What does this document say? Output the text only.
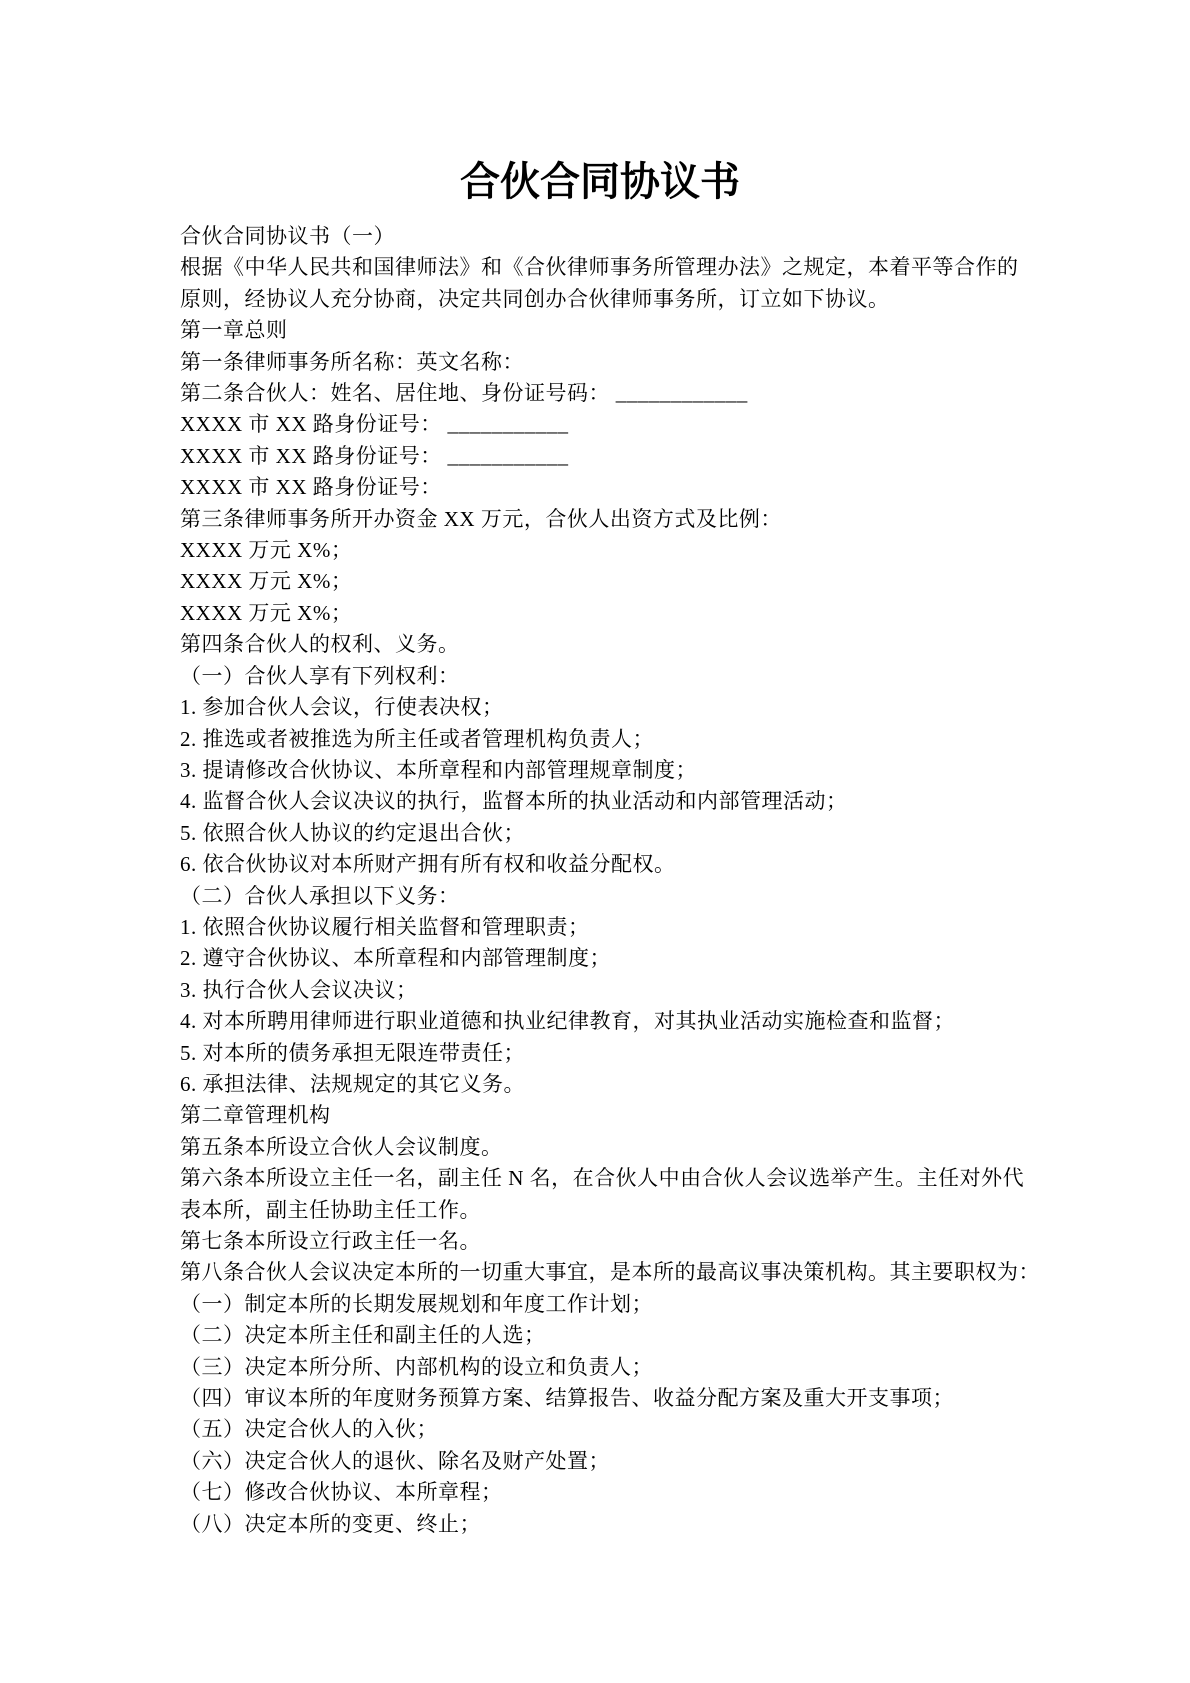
合伙合同协议书

合伙合同协议书（一）

根据《中华人民共和国律师法》和《合伙律师事务所管理办法》之规定，本着平等合作的

原则，经协议人充分协商，决定共同创办合伙律师事务所，订立如下协议。

第一章总则

第一条律师事务所名称：英文名称：

第二条合伙人：姓名、居住地、身份证号码： ____________

XXXX 市 XX 路身份证号： ___________

XXXX 市 XX 路身份证号： ___________

XXXX 市 XX 路身份证号：

第三条律师事务所开办资金 XX 万元，合伙人出资方式及比例：

XXXX 万元 X%；

XXXX 万元 X%；

XXXX 万元 X%；

第四条合伙人的权利、义务。

（一）合伙人享有下列权利：

1. 参加合伙人会议，行使表决权；

2. 推选或者被推选为所主任或者管理机构负责人；

3. 提请修改合伙协议、本所章程和内部管理规章制度；

4. 监督合伙人会议决议的执行，监督本所的执业活动和内部管理活动；

5. 依照合伙人协议的约定退出合伙；

6. 依合伙协议对本所财产拥有所有权和收益分配权。

（二）合伙人承担以下义务：

1. 依照合伙协议履行相关监督和管理职责；

2. 遵守合伙协议、本所章程和内部管理制度；

3. 执行合伙人会议决议；

4. 对本所聘用律师进行职业道德和执业纪律教育，对其执业活动实施检查和监督；

5. 对本所的债务承担无限连带责任；

6. 承担法律、法规规定的其它义务。

第二章管理机构

第五条本所设立合伙人会议制度。

第六条本所设立主任一名，副主任 N 名，在合伙人中由合伙人会议选举产生。主任对外代

表本所，副主任协助主任工作。

第七条本所设立行政主任一名。

第八条合伙人会议决定本所的一切重大事宜，是本所的最高议事决策机构。其主要职权为：

（一）制定本所的长期发展规划和年度工作计划；

（二）决定本所主任和副主任的人选；

（三）决定本所分所、内部机构的设立和负责人；

（四）审议本所的年度财务预算方案、结算报告、收益分配方案及重大开支事项；

（五）决定合伙人的入伙；

（六）决定合伙人的退伙、除名及财产处置；

（七）修改合伙协议、本所章程；

（八）决定本所的变更、终止；
